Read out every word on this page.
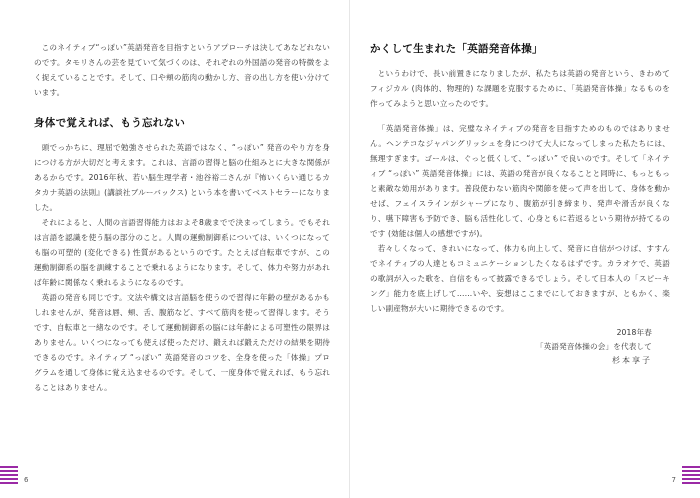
このネイティブ“っぽい”英語発音を目指すというアプローチは決してあなどれないのです。タモリさんの芸を見ていて気づくのは、それぞれの外国語の発音の特徴をよく捉えていることです。そして、口や頬の筋肉の動かし方、音の出し方を使い分けています。

身体で覚えれば、もう忘れない

頭でっかちに、理屈で勉強させられた英語ではなく、“っぽい” 発音のやり方を身につける方が大切だと考えます。これは、言語の習得と脳の仕組みとに大きな関係があるからです。2016年秋、若い脳生理学者・池谷裕二さんが『怖いくらい通じるカタカナ英語の法則』(講談社ブルーバックス) という本を書いてベストセラーになりました。

それによると、人間の言語習得能力はおよそ8歳までで決まってしまう。でもそれは言語を認識を使う脳の部分のこと。人間の運動制御系については、いくつになっても脳の可塑的 (変化できる) 性質があるというのです。たとえば自転車ですが、この運動制御系の脳を訓練することで乗れるようになります。そして、体力や努力があれば年齢に関係なく乗れるようになるのです。

英語の発音も同じです。文法や構文は言語脳を使うので習得に年齢の壁があるかもしれませんが、発音は唇、頬、舌、腹筋など、すべて筋肉を使って習得します。そうです、自転車と一緒なのです。そして運動制御系の脳には年齢による可塑性の限界はありません。いくつになっても使えば使っただけ、鍛えれば鍛えただけの結果を期待できるのです。ネイティブ “っぽい” 英語発音のコツを、全身を使った「体操」プログラムを通して身体に覚え込ませるのです。そして、一度身体で覚えれば、もう忘れることはありません。

6
かくして生まれた「英語発音体操」

というわけで、長い前置きになりましたが、私たちは英語の発音という、きわめてフィジカル (肉体的、物理的) な課題を克服するために、「英語発音体操」なるものを作ってみようと思い立ったのです。

「英語発音体操」は、完璧なネイティブの発音を目指すためのものではありません。ヘンテコなジャパングリッシュを身につけて大人になってしまった私たちには、無理すぎます。ゴールは、ぐっと低くして、“っぽい” で良いのです。そして「ネイティブ “っぽい” 英語発音体操」には、英語の発音が良くなることと同時に、もっともっと素敵な効用があります。普段使わない筋肉や関節を使って声を出して、身体を動かせば、フェイスラインがシャープになり、腹筋が引き締まり、発声や滑舌が良くなり、嚥下障害も予防でき、脳も活性化して、心身ともに若返るという期待が持てるのです (効能は個人の感想ですが)。

若々しくなって、きれいになって、体力も向上して、発音に自信がつけば、すすんでネイティブの人達ともコミュニケーションしたくなるはずです。カラオケで、英語の歌詞が入った歌を、自信をもって披露できるでしょう。そして日本人の「スピーキング」能力を底上げして……いや、妄想はここまでにしておきますが、ともかく、楽しい副産物が大いに期待できるのです。

2018年春
「英語発音体操の会」を代表して
杉本享子
7
